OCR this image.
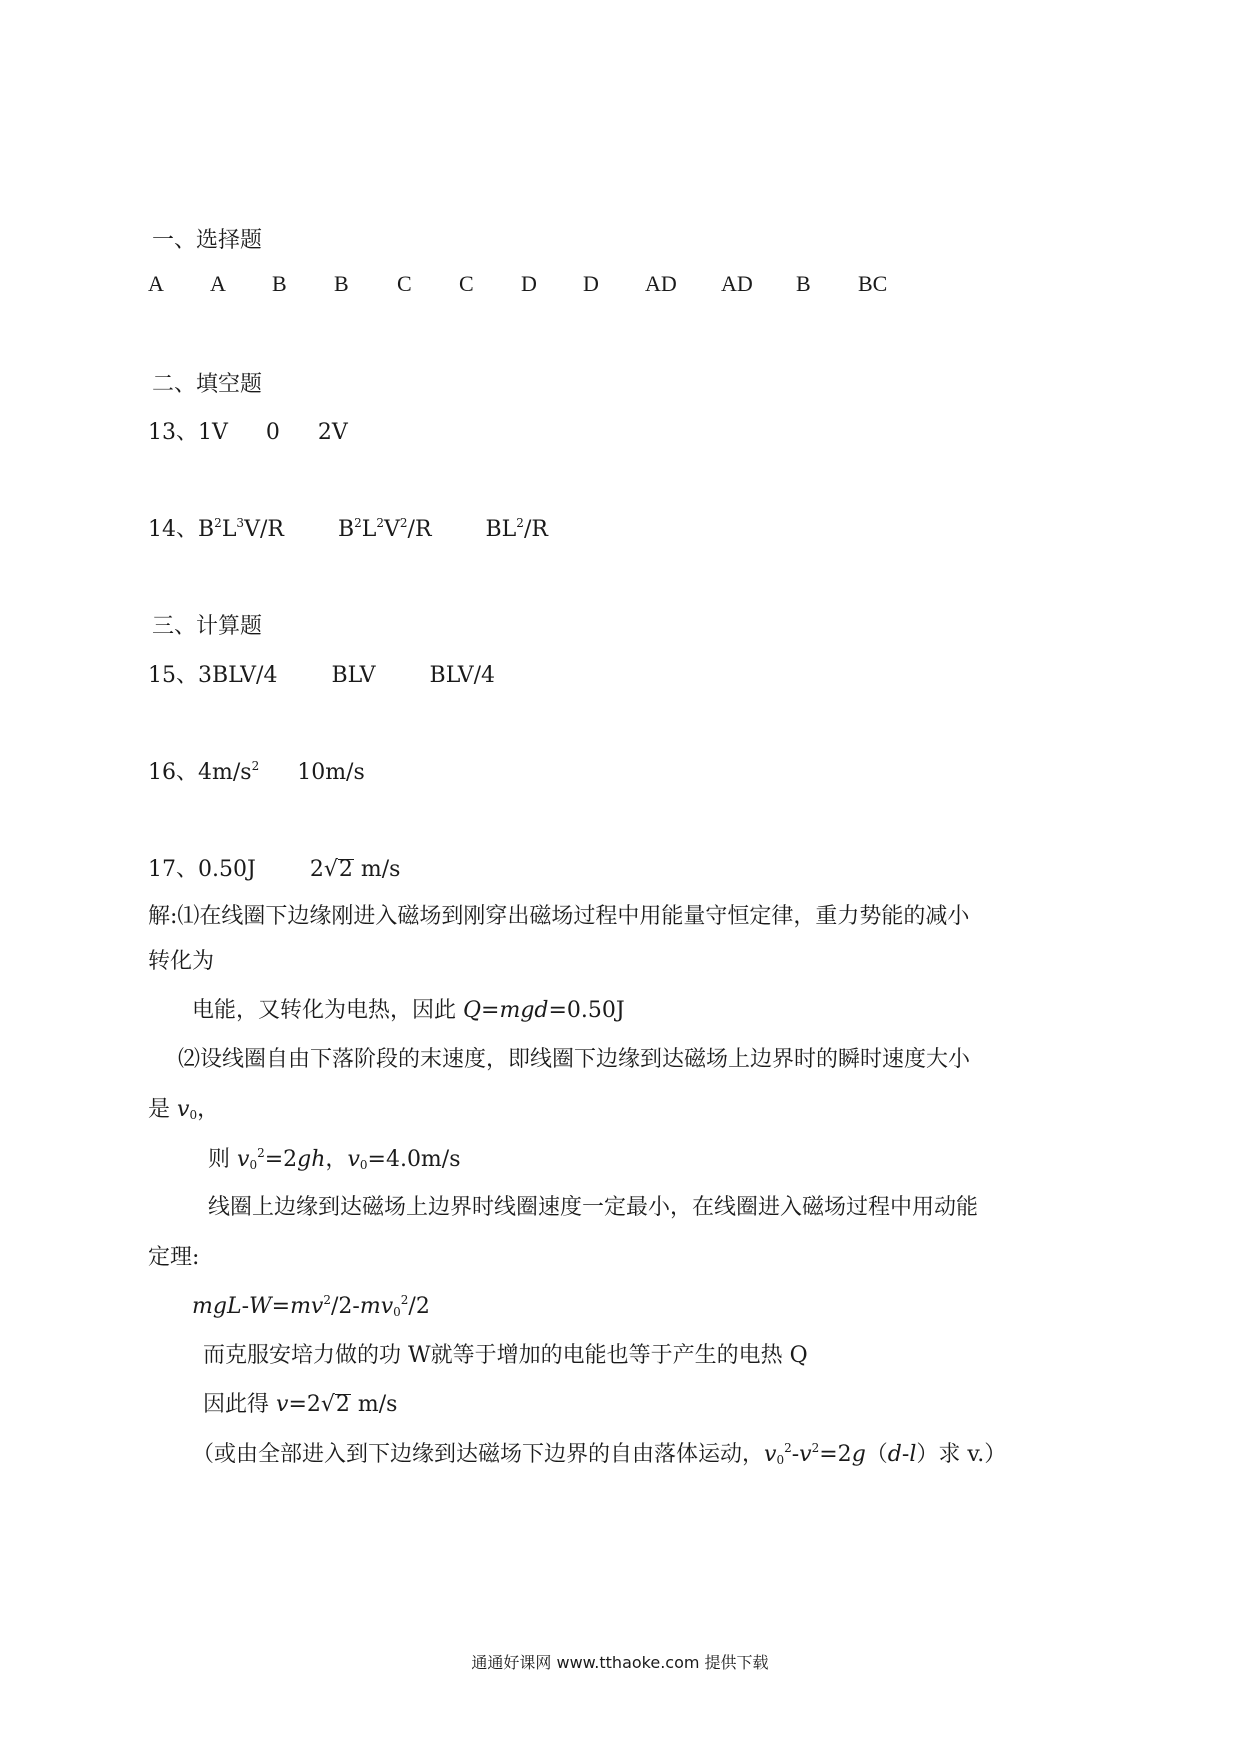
一、选择题
A A B B C C D D AD AD B BC
二、填空题
13、1V 0 2V
14、$B^2L^3V/R$ $B^2L^2V^2/R$ $BL^2/R$
三、计算题
15、3BLV/4 BLV BLV/4
16、$4m/s^2$ 10m/s
17、0.50J 2√2 m/s
解:⑴在线圈下边缘刚进入磁场到刚穿出磁场过程中用能量守恒定律，重力势能的减小
转化为
电能，又转化为电热，因此 Q=mgd=0.50J
⑵设线圈自由下落阶段的末速度，即线圈下边缘到达磁场上边界时的瞬时速度大小
是 $v_0$，
则 $v_0^2=2gh$，$v_0=4.0m/s$
线圈上边缘到达磁场上边界时线圈速度一定最小，在线圈进入磁场过程中用动能
定理:
mgL-$W=mv^2/2-mv_0^2/2$
而克服安培力做的功 W就等于增加的电能也等于产生的电热 Q
因此得 v=2√2 m/s
（或由全部进入到下边缘到达磁场下边界的自由落体运动，$v_0^2-v^2=2g(d-l)$求 v.）
通通好课网 www.tthaoke.com 提供下载
